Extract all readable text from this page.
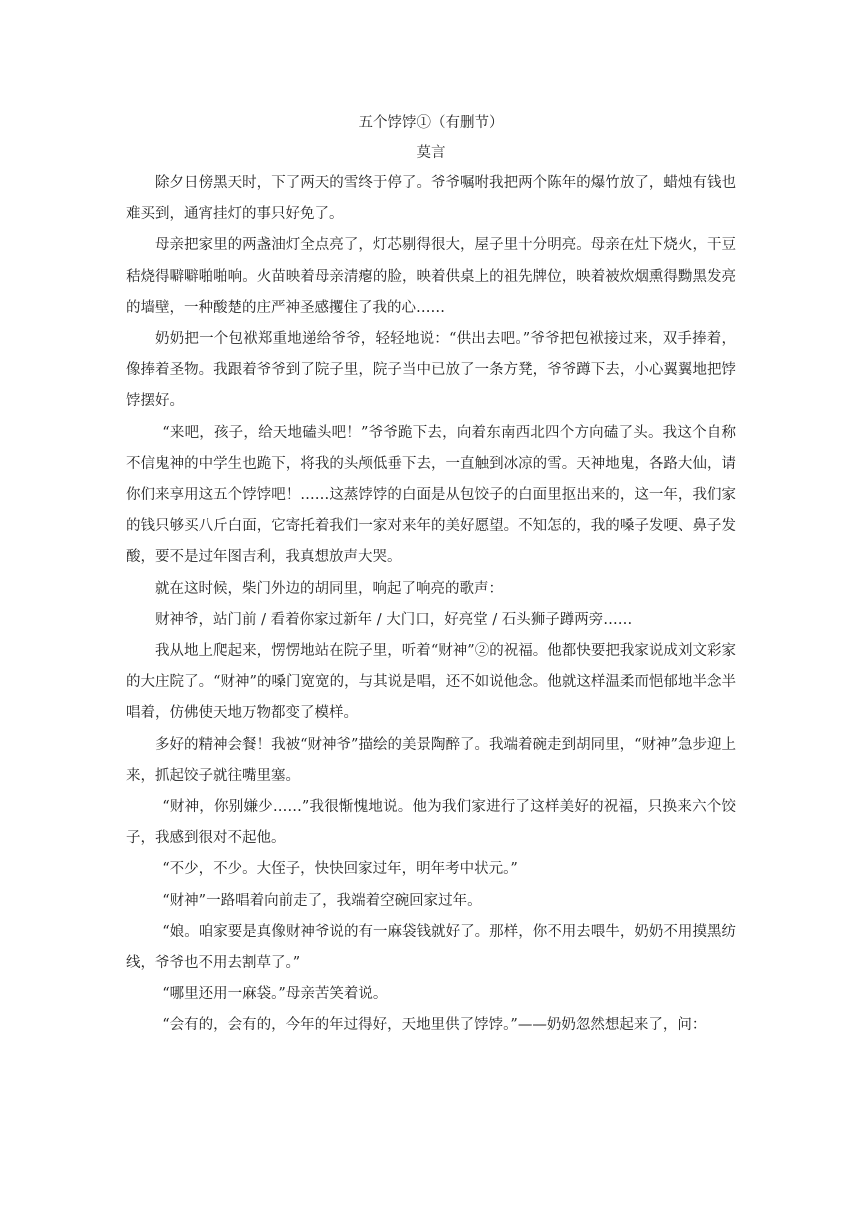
五个饽饽①（有删节）
莫言

除夕日傍黑天时，下了两天的雪终于停了。爷爷嘱咐我把两个陈年的爆竹放了，蜡烛有钱也难买到，通宵挂灯的事只好免了。

母亲把家里的两盏油灯全点亮了，灯芯剔得很大，屋子里十分明亮。母亲在灶下烧火，干豆秸烧得噼噼啪啪响。火苗映着母亲清瘪的脸，映着供桌上的祖先牌位，映着被炊烟熏得黝黑发亮的墙壁，一种酸楚的庄严神圣感攫住了我的心……

奶奶把一个包袱郑重地递给爷爷，轻轻地说：“供出去吧。”爷爷把包袱接过来，双手捧着，像捧着圣物。我跟着爷爷到了院子里，院子当中已放了一条方凳，爷爷蹲下去，小心翼翼地把饽饽摆好。

“来吧，孩子，给天地磕头吧！”爷爷跪下去，向着东南西北四个方向磕了头。我这个自称不信鬼神的中学生也跪下，将我的头颅低垂下去，一直触到冰凉的雪。天神地鬼，各路大仙，请你们来享用这五个饽饽吧！……这蒸饽饽的白面是从包饺子的白面里抠出来的，这一年，我们家的钱只够买八斤白面，它寄托着我们一家对来年的美好愿望。不知怎的，我的嗓子发哽、鼻子发酸，要不是过年图吉利，我真想放声大哭。

就在这时候，柴门外边的胡同里，响起了响亮的歌声：

财神爷，站门前 / 看着你家过新年 / 大门口，好亮堂 / 石头狮子蹲两旁……

我从地上爬起来，愣愣地站在院子里，听着“财神”②的祝福。他都快要把我家说成刘文彩家的大庄院了。“财神”的嗓门宽宽的，与其说是唱，还不如说他念。他就这样温柔而悒郁地半念半唱着，仿佛使天地万物都变了模样。

多好的精神会餐！我被“财神爷”描绘的美景陶醉了。我端着碗走到胡同里，“财神”急步迎上来，抓起饺子就往嘴里塞。

“财神，你别嫌少……”我很惭愧地说。他为我们家进行了这样美好的祝福，只换来六个饺子，我感到很对不起他。

“不少，不少。大侄子，快快回家过年，明年考中状元。”

“财神”一路唱着向前走了，我端着空碗回家过年。

“娘。咱家要是真像财神爷说的有一麻袋钱就好了。那样，你不用去喂牛，奶奶不用摸黑纺线，爷爷也不用去割草了。”

“哪里还用一麻袋。”母亲苦笑着说。

“会有的，会有的，今年的年过得好，天地里供了饽饽。”——奶奶忽然想起来了，问：
